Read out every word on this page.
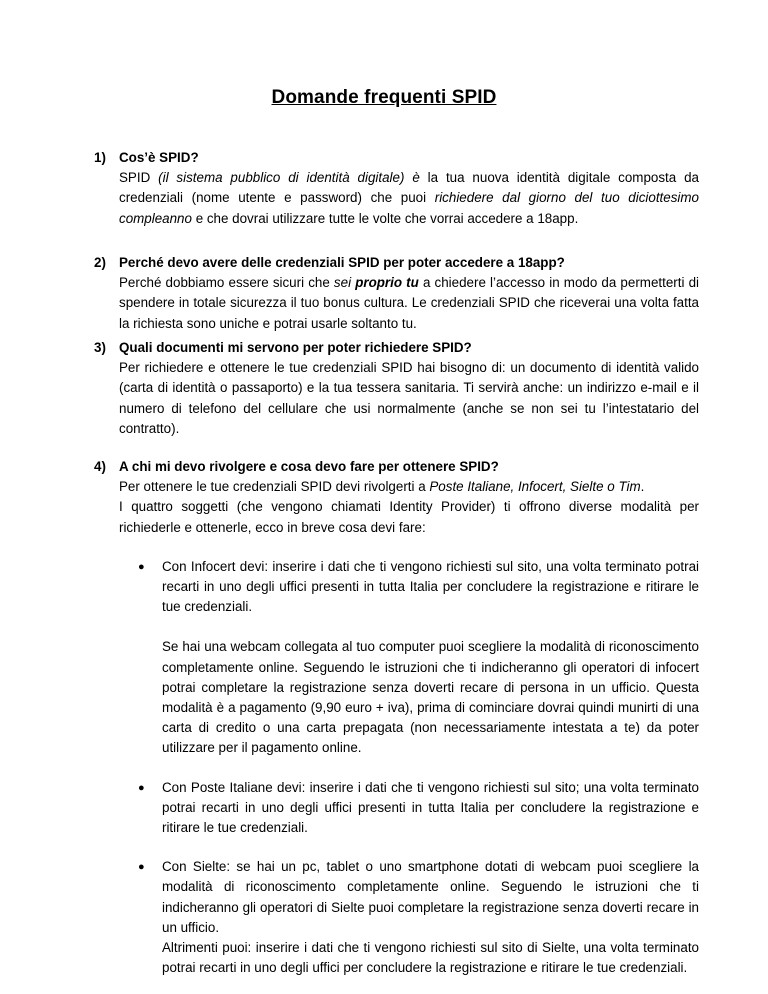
Domande frequenti SPID
1) Cos’è SPID?

SPID (il sistema pubblico di identità digitale) è la tua nuova identità digitale composta da credenziali (nome utente e password) che puoi richiedere dal giorno del tuo diciottesimo compleanno e che dovrai utilizzare tutte le volte che vorrai accedere a 18app.

2) Perché devo avere delle credenziali SPID per poter accedere a 18app?

Perché dobbiamo essere sicuri che sei proprio tu a chiedere l’accesso in modo da permetterti di spendere in totale sicurezza il tuo bonus cultura. Le credenziali SPID che riceverai una volta fatta la richiesta sono uniche e potrai usarle soltanto tu.

3) Quali documenti mi servono per poter richiedere SPID?

Per richiedere e ottenere le tue credenziali SPID hai bisogno di: un documento di identità valido (carta di identità o passaporto) e la tua tessera sanitaria. Ti servirà anche: un indirizzo e-mail e il numero di telefono del cellulare che usi normalmente (anche se non sei tu l’intestatario del contratto).

4) A chi mi devo rivolgere e cosa devo fare per ottenere SPID?

Per ottenere le tue credenziali SPID devi rivolgerti a Poste Italiane, Infocert, Sielte o Tim.

I quattro soggetti (che vengono chiamati Identity Provider) ti offrono diverse modalità per richiederle e ottenerle, ecco in breve cosa devi fare:

●	Con Infocert devi: inserire i dati che ti vengono richiesti sul sito, una volta terminato potrai recarti in uno degli uffici presenti in tutta Italia per concludere la registrazione e ritirare le tue credenziali.

Se hai una webcam collegata al tuo computer puoi scegliere la modalità di riconoscimento completamente online. Seguendo le istruzioni che ti indicheranno gli operatori di infocert potrai completare la registrazione senza doverti recare di persona in un ufficio. Questa modalità è a pagamento (9,90 euro + iva), prima di cominciare dovrai quindi munirti di una carta di credito o una carta prepagata (non necessariamente intestata a te) da poter utilizzare per il pagamento online.

●	Con Poste Italiane devi: inserire i dati che ti vengono richiesti sul sito; una volta terminato potrai recarti in uno degli uffici presenti in tutta Italia per concludere la registrazione e ritirare le tue credenziali.

●	Con Sielte: se hai un pc, tablet o uno smartphone dotati di webcam puoi scegliere la modalità di riconoscimento completamente online. Seguendo le istruzioni che ti indicheranno gli operatori di Sielte puoi completare la registrazione senza doverti recare in un ufficio.

Altrimenti puoi: inserire i dati che ti vengono richiesti sul sito di Sielte, una volta terminato potrai recarti in uno degli uffici per concludere la registrazione e ritirare le tue credenziali.
